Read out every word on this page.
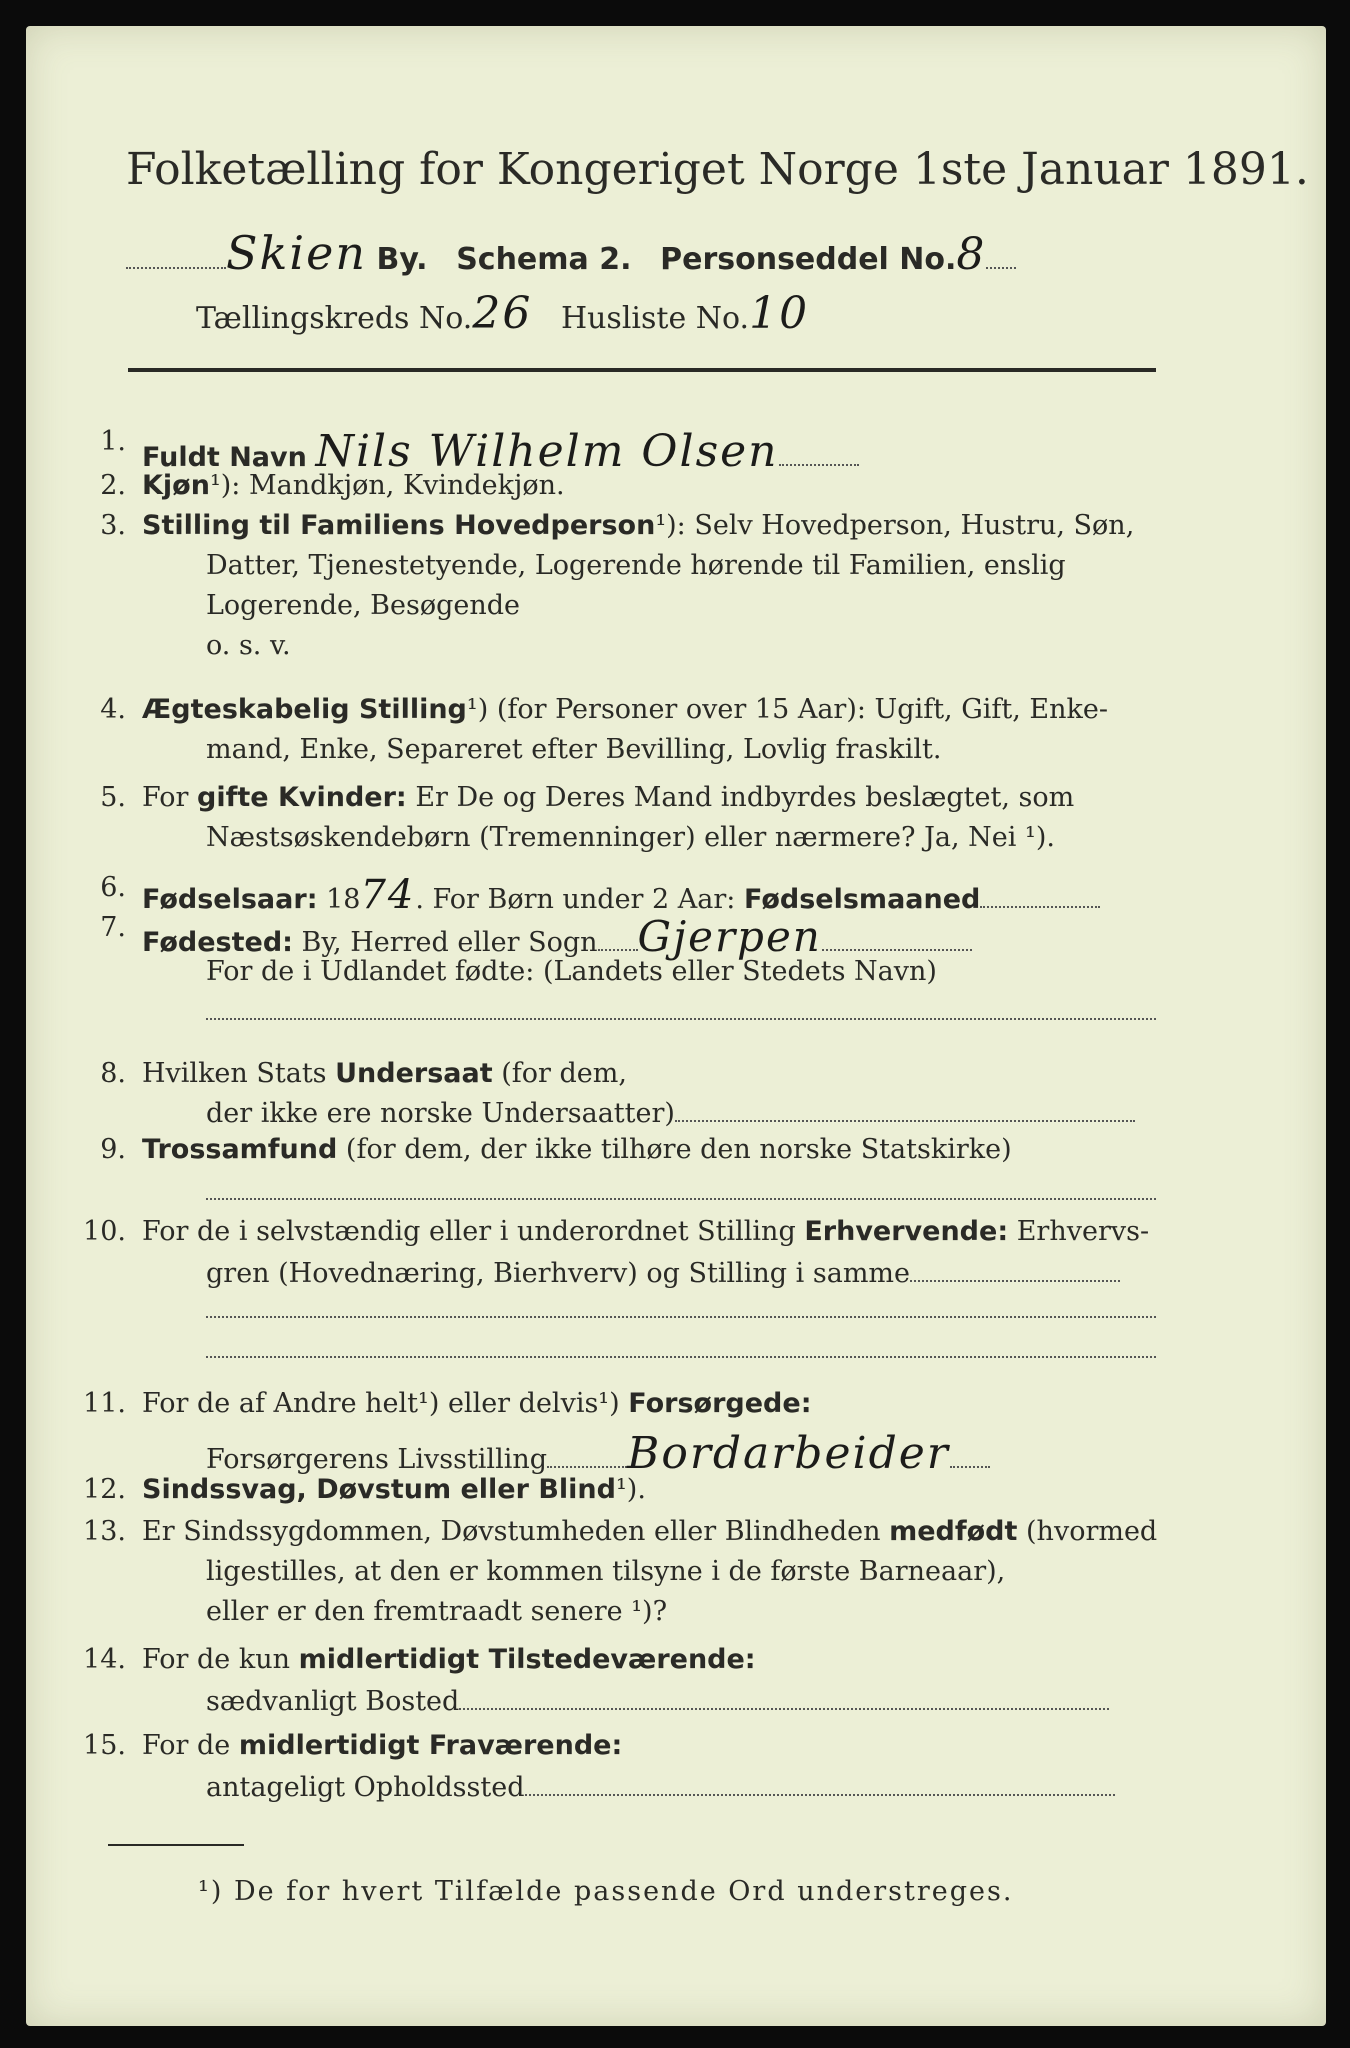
Folketælling for Kongeriget Norge 1ste Januar 1891.
Skien By. Schema 2. Personseddel No.8
Tællingskreds No.26 Husliste No.10
1.
Fuldt Navn Nils Wilhelm Olsen
2. Kjøn¹): Mandkjøn, Kvindekjøn.
3. Stilling til Familiens Hovedperson¹): Selv Hovedperson, Hustru, Søn,
Datter, Tjenestetyende, Logerende hørende til Familien, enslig
Logerende, Besøgende
o. s. v.
4. Ægteskabelig Stilling¹) (for Personer over 15 Aar): Ugift, Gift, Enke-
mand, Enke, Separeret efter Bevilling, Lovlig fraskilt.
5. For gifte Kvinder: Er De og Deres Mand indbyrdes beslægtet, som
Næstsøskendebørn (Tremenninger) eller nærmere? Ja, Nei ¹).
6. Fødselsaar: 1874. For Børn under 2 Aar: Fødselsmaaned
7. Fødested: By, Herred eller Sogn Gjerpen
For de i Udlandet fødte: (Landets eller Stedets Navn)
8. Hvilken Stats Undersaat (for dem,
der ikke ere norske Undersaatter)
9. Trossamfund (for dem, der ikke tilhøre den norske Statskirke)
10. For de i selvstændig eller i underordnet Stilling Erhvervende: Erhvervs-
gren (Hovednæring, Bierhverv) og Stilling i samme
11. For de af Andre helt¹) eller delvis¹) Forsørgede:
Forsørgerens Livsstilling Bordarbeider
12. Sindssvag, Døvstum eller Blind¹).
13. Er Sindssygdommen, Døvstumheden eller Blindheden medfødt (hvormed
ligestilles, at den er kommen tilsyne i de første Barneaar),
eller er den fremtraadt senere ¹)?
14. For de kun midlertidigt Tilstedeværende:
sædvanligt Bosted
15. For de midlertidigt Fraværende:
antageligt Opholdssted
¹) De for hvert Tilfælde passende Ord understreges.
